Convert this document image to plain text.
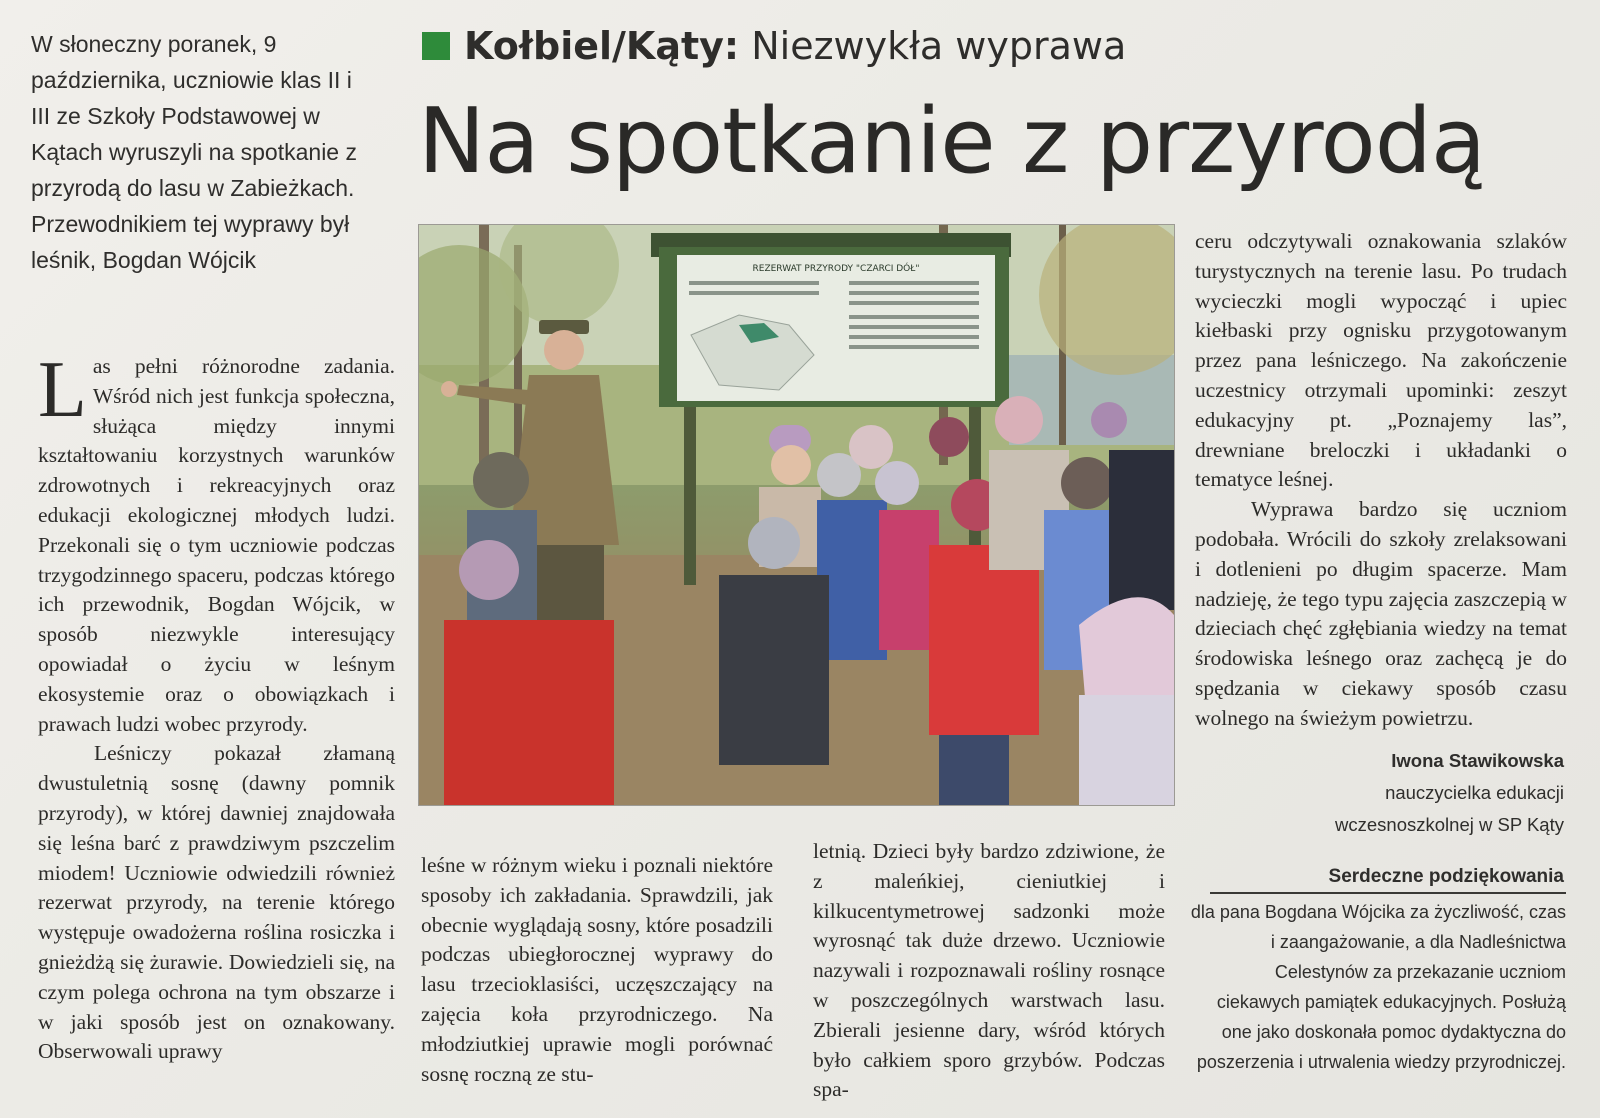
W słoneczny poranek, 9 października, uczniowie klas II i III ze Szkoły Podstawowej w Kątach wyruszyli na spotkanie z przyrodą do lasu w Zabieżkach. Przewodnikiem tej wyprawy był leśnik, Bogdan Wójcik
Kołbiel/Kąty: Niezwykła wyprawa
Na spotkanie z przyrodą
REZERWAT PRZYRODY "CZARCI DÓŁ"

Las pełni różnorodne zadania. Wśród nich jest funkcja społeczna, służąca między innymi kształtowaniu korzystnych warunków zdrowotnych i rekreacyjnych oraz edukacji ekologicznej młodych ludzi. Przekonali się o tym uczniowie podczas trzygodzinnego spaceru, podczas którego ich przewodnik, Bogdan Wójcik, w sposób niezwykle interesujący opowiadał o życiu w leśnym ekosystemie oraz o obowiązkach i prawach ludzi wobec przyrody.

Leśniczy pokazał złamaną dwustuletnią sosnę (dawny pomnik przyrody), w której dawniej znajdowała się leśna barć z prawdziwym pszczelim miodem! Uczniowie odwiedzili również rezerwat przyrody, na terenie którego występuje owadożerna roślina rosiczka i gnieżdżą się żurawie. Dowiedzieli się, na czym polega ochrona na tym obszarze i w jaki sposób jest on oznakowany. Obserwowali uprawy

leśne w różnym wieku i poznali niektóre sposoby ich zakładania. Sprawdzili, jak obecnie wyglądają sosny, które posadzili podczas ubiegłorocznej wyprawy do lasu trzecioklasiści, uczęszczający na zajęcia koła przyrodniczego. Na młodziutkiej uprawie mogli porównać sosnę roczną ze stu-

letnią. Dzieci były bardzo zdziwione, że z maleńkiej, cieniutkiej i kilkucentymetrowej sadzonki może wyrosnąć tak duże drzewo. Uczniowie nazywali i rozpoznawali rośliny rosnące w poszczególnych warstwach lasu. Zbierali jesienne dary, wśród których było całkiem sporo grzybów. Podczas spa-

ceru odczytywali oznakowania szlaków turystycznych na terenie lasu. Po trudach wycieczki mogli wypocząć i upiec kiełbaski przy ognisku przygotowanym przez pana leśniczego. Na zakończenie uczestnicy otrzymali upominki: zeszyt edukacyjny pt. „Poznajemy las”, drewniane breloczki i układanki o tematyce leśnej.

Wyprawa bardzo się uczniom podobała. Wrócili do szkoły zrelaksowani i dotlenieni po długim spacerze. Mam nadzieję, że tego typu zajęcia zaszczepią w dzieciach chęć zgłębiania wiedzy na temat środowiska leśnego oraz zachęcą je do spędzania w ciekawy sposób czasu wolnego na świeżym powietrzu.

Iwona Stawikowska
nauczycielka edukacji
wczesnoszkolnej w SP Kąty
Serdeczne podziękowania
dla pana Bogdana Wójcika za życzliwość, czas i zaangażowanie, a dla Nadleśnictwa Celestynów za przekazanie uczniom ciekawych pamiątek edukacyjnych. Posłużą one jako doskonała pomoc dydaktyczna do poszerzenia i utrwalenia wiedzy przyrodniczej.
